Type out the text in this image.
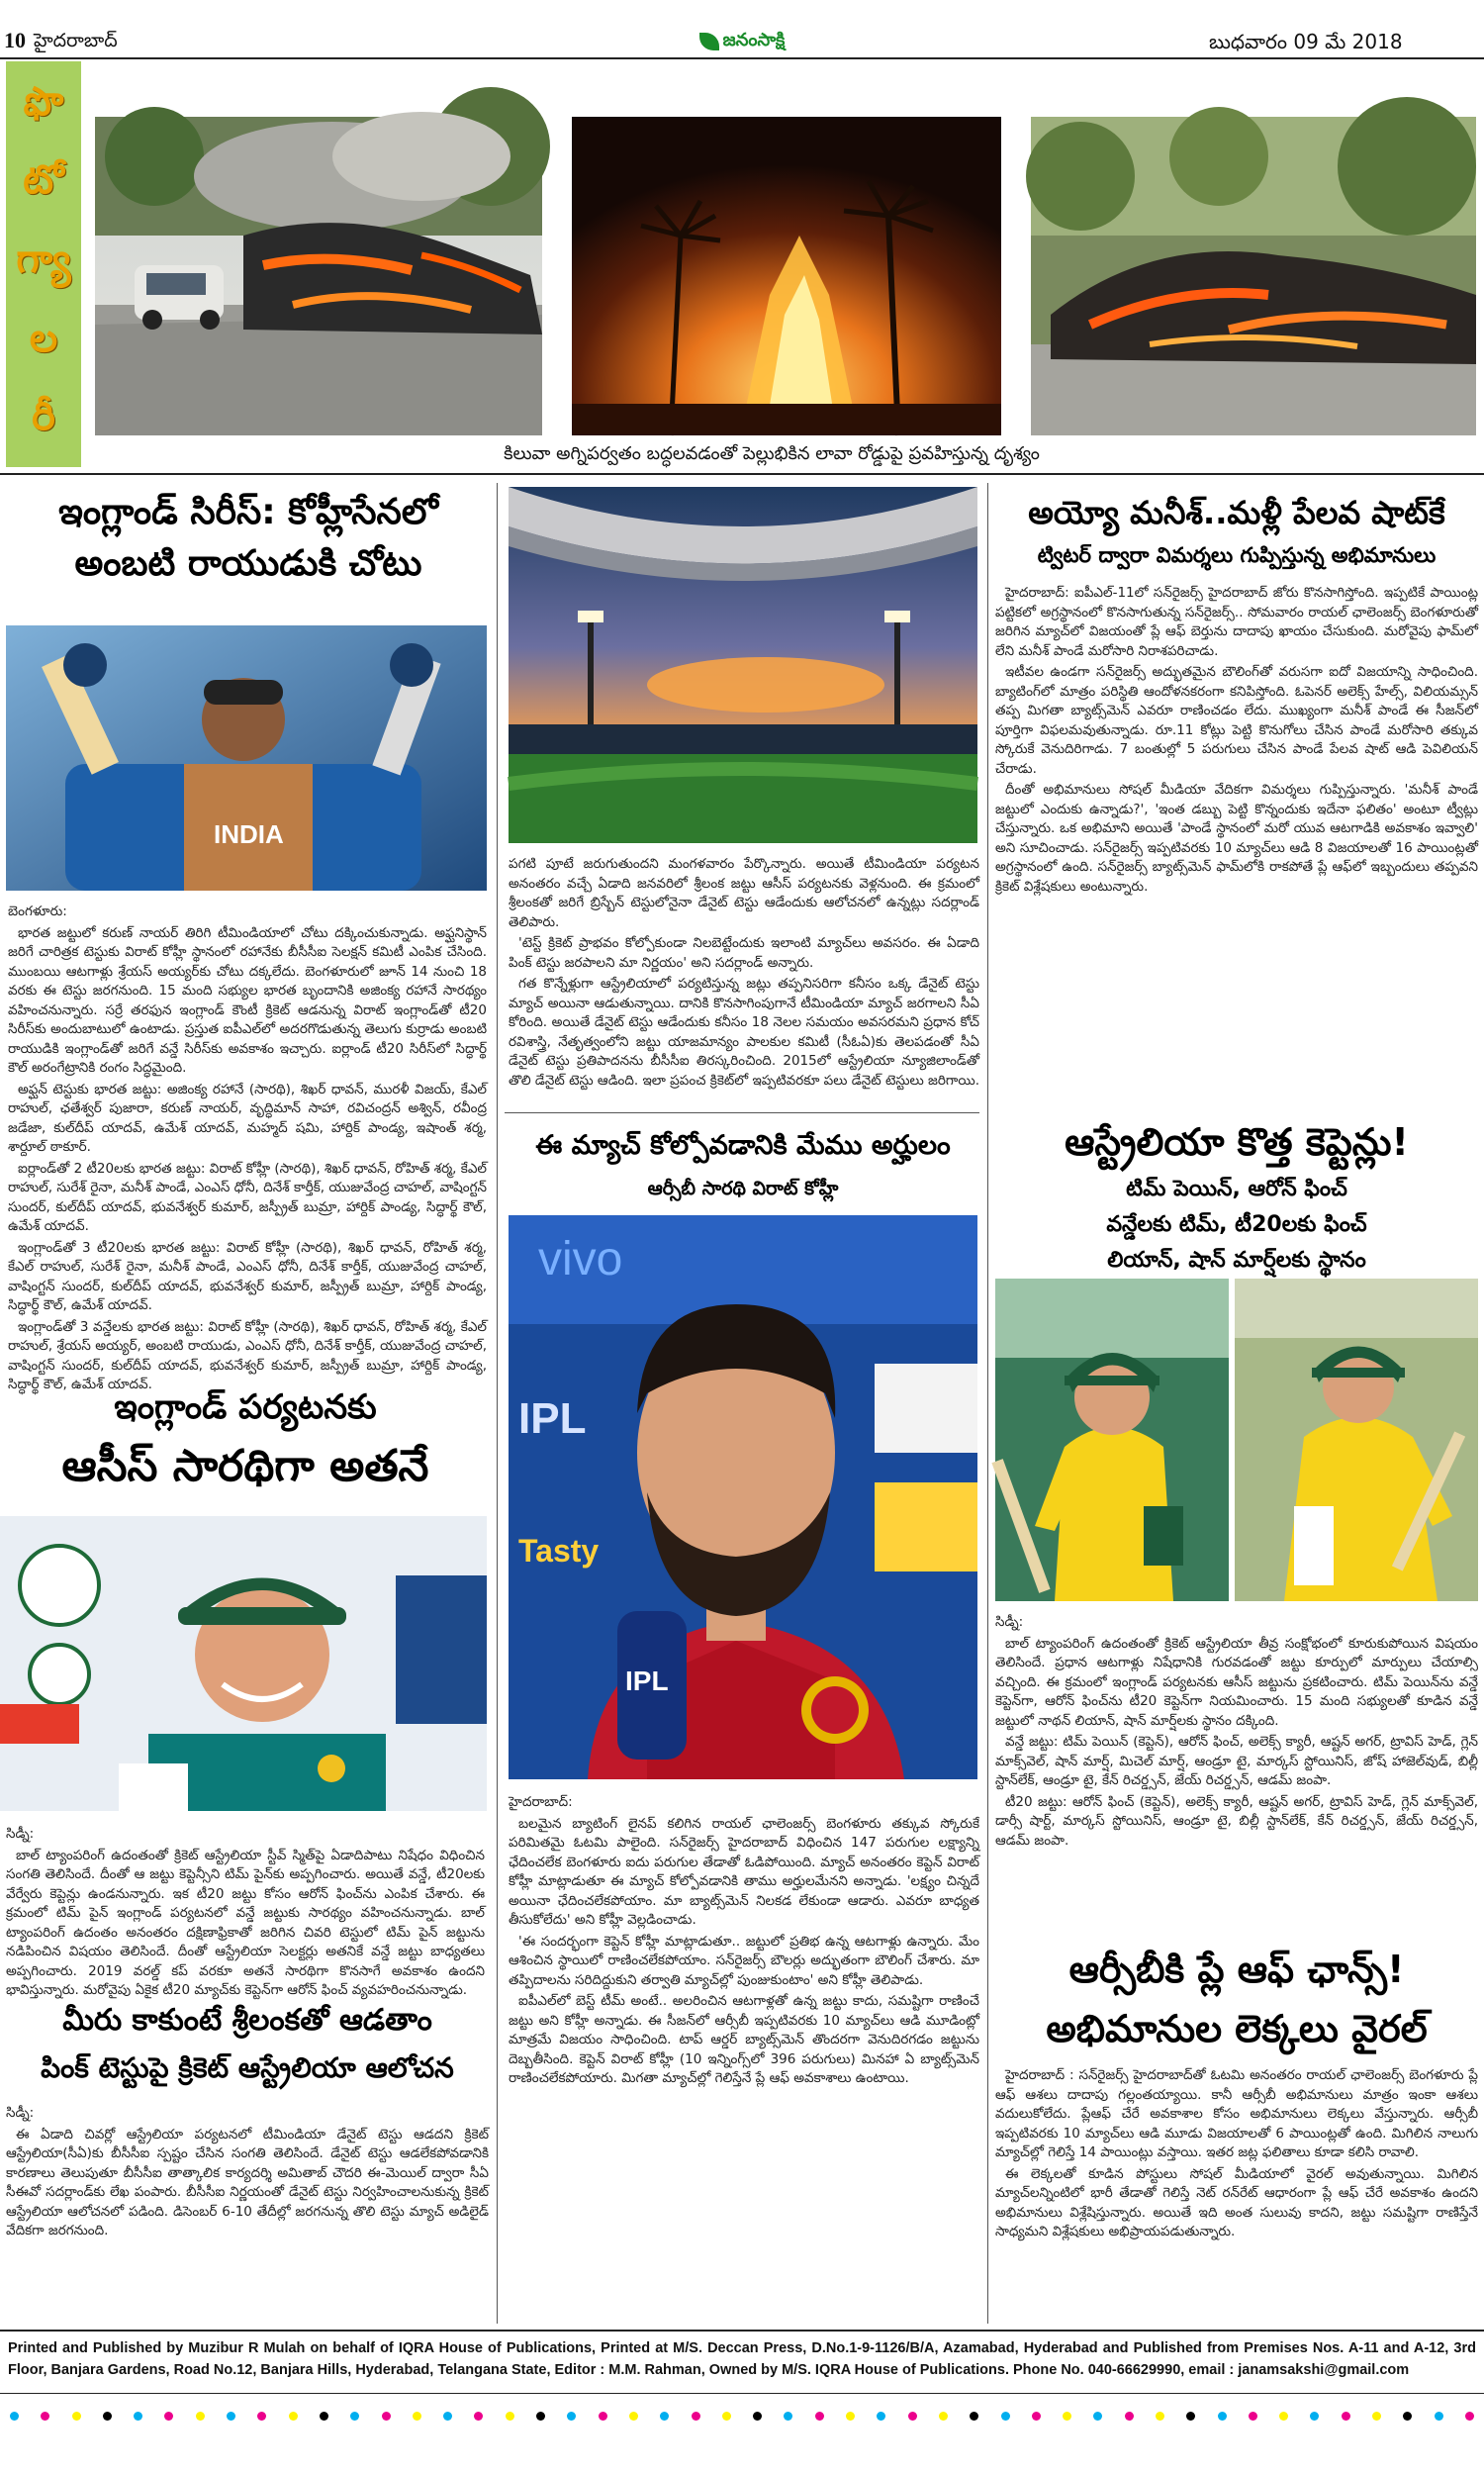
10 హైదరాబాద్	జనంసాక్షి	బుధవారం 09 మే 2018
ఫొ
టో
గ్యా
ల
రీ
కిలువా అగ్నిపర్వతం బద్ధలవడంతో పెల్లుభికిన లావా రోడ్డుపై ప్రవహిస్తున్న దృశ్యం
ఇంగ్లాండ్ సిరీస్: కోహ్లీసేనలో
అంబటి రాయుడుకి చోటు
INDIA

బెంగళూరు:

భారత జట్టులో కరుణ్ నాయర్ తిరిగి టీమిండియాలో చోటు దక్కించుకున్నాడు. అఫ్ఘనిస్థాన్ జరిగే చారిత్రక టెస్టుకు విరాట్ కోహ్లీ స్థానంలో రహానేకు బీసీసీఐ సెలక్షన్ కమిటీ ఎంపిక చేసింది. ముంబయి ఆటగాళ్లు శ్రేయస్ అయ్యర్‌కు చోటు దక్కలేదు. బెంగళూరులో జూన్ 14 నుంచి 18 వరకు ఈ టెస్టు జరగనుంది. 15 మంది సభ్యుల భారత బృందానికి అజింక్య రహానే సారథ్యం వహించనున్నారు. సర్రే తరఫున ఇంగ్లాండ్ కౌంటీ క్రికెట్ ఆడనున్న విరాట్ ఇంగ్లాండ్‌తో టీ20 సిరీస్‌కు అందుబాటులో ఉంటాడు. ప్రస్తుత ఐపీఎల్‌లో అదరగొడుతున్న తెలుగు కుర్రాడు అంబటి రాయుడికి ఇంగ్లాండ్‌తో జరిగే వన్డే సిరీస్‌కు అవకాశం ఇచ్చారు. ఐర్లాండ్ టీ20 సిరీస్‌లో సిద్ధార్థ్ కౌల్ అరంగేట్రానికి రంగం సిద్ధమైంది.

అఫ్ఘన్ టెస్టుకు భారత జట్టు: అజింక్య రహానే (సారథి), శిఖర్ ధావన్, మురళీ విజయ్, కేఎల్ రాహుల్, ఛతేశ్వర్ పుజారా, కరుణ్ నాయర్, వృద్ధిమాన్ సాహా, రవిచంద్రన్ అశ్విన్, రవీంద్ర జడేజా, కుల్‌దీప్ యాదవ్, ఉమేశ్ యాదవ్, మహ్మద్ షమి, హార్దిక్ పాండ్య, ఇషాంత్ శర్మ, శార్దూల్ ఠాకూర్.

ఐర్లాండ్‌తో 2 టీ20లకు భారత జట్టు: విరాట్ కోహ్లీ (సారథి), శిఖర్ ధావన్, రోహిత్ శర్మ, కేఎల్ రాహుల్, సురేశ్ రైనా, మనీశ్ పాండే, ఎంఎస్ ధోనీ, దినేశ్ కార్తీక్, యుజువేంద్ర చాహల్, వాషింగ్టన్ సుందర్, కుల్‌దీప్ యాదవ్, భువనేశ్వర్ కుమార్, జస్ప్రీత్ బుమ్రా, హార్దిక్ పాండ్య, సిద్ధార్థ్ కౌల్, ఉమేశ్ యాదవ్.

ఇంగ్లాండ్‌తో 3 టీ20లకు భారత జట్టు: విరాట్ కోహ్లీ (సారథి), శిఖర్ ధావన్, రోహిత్ శర్మ, కేఎల్ రాహుల్, సురేశ్ రైనా, మనీశ్ పాండే, ఎంఎస్ ధోనీ, దినేశ్ కార్తీక్, యుజువేంద్ర చాహల్, వాషింగ్టన్ సుందర్, కుల్‌దీప్ యాదవ్, భువనేశ్వర్ కుమార్, జస్ప్రీత్ బుమ్రా, హార్దిక్ పాండ్య, సిద్ధార్థ్ కౌల్, ఉమేశ్ యాదవ్.

ఇంగ్లాండ్‌తో 3 వన్డేలకు భారత జట్టు: విరాట్ కోహ్లీ (సారథి), శిఖర్ ధావన్, రోహిత్ శర్మ, కేఎల్ రాహుల్, శ్రేయస్ అయ్యర్, అంబటి రాయుడు, ఎంఎస్ ధోనీ, దినేశ్ కార్తీక్, యుజువేంద్ర చాహల్, వాషింగ్టన్ సుందర్, కుల్‌దీప్ యాదవ్, భువనేశ్వర్ కుమార్, జస్ప్రీత్ బుమ్రా, హార్దిక్ పాండ్య, సిద్ధార్థ్ కౌల్, ఉమేశ్ యాదవ్.

ఇంగ్లాండ్ పర్యటనకు
ఆసీస్ సారథిగా అతనే

సిడ్నీ:

బాల్ ట్యాంపరింగ్ ఉదంతంతో క్రికెట్ ఆస్ట్రేలియా స్టీవ్ స్మిత్‌పై ఏడాదిపాటు నిషేధం విధించిన సంగతి తెలిసిందే. దీంతో ఆ జట్టు కెప్టెన్సీని టిమ్ పైన్‌కు అప్పగించారు. అయితే వన్డే, టీ20లకు వేర్వేరు కెప్టెన్లు ఉండనున్నారు. ఇక టీ20 జట్టు కోసం ఆరోన్ ఫించ్‌ను ఎంపిక చేశారు. ఈ క్రమంలో టిమ్ పైన్ ఇంగ్లాండ్ పర్యటనలో వన్డే జట్టుకు సారథ్యం వహించనున్నాడు. బాల్ ట్యాంపరింగ్ ఉదంతం అనంతరం దక్షిణాఫ్రికాతో జరిగిన చివరి టెస్టులో టిమ్ పైన్ జట్టును నడిపించిన విషయం తెలిసిందే. దీంతో ఆస్ట్రేలియా సెలక్టర్లు అతనికే వన్డే జట్టు బాధ్యతలు అప్పగించారు. 2019 వరల్డ్ కప్ వరకూ అతనే సారథిగా కొనసాగే అవకాశం ఉందని భావిస్తున్నారు. మరోవైపు ఏకైక టీ20 మ్యాచ్‌కు కెప్టెన్‌గా ఆరోన్ ఫించ్ వ్యవహరించనున్నాడు.

మీరు కాకుంటే శ్రీలంకతో ఆడతాం
పింక్ టెస్టుపై క్రికెట్ ఆస్ట్రేలియా ఆలోచన

సిడ్నీ:

ఈ ఏడాది చివర్లో ఆస్ట్రేలియా పర్యటనలో టీమిండియా డేనైట్ టెస్టు ఆడదని క్రికెట్ ఆస్ట్రేలియా(సీఏ)కు బీసీసీఐ స్పష్టం చేసిన సంగతి తెలిసిందే. డేనైట్ టెస్టు ఆడలేకపోవడానికి కారణాలు తెలుపుతూ బీసీసీఐ తాత్కాలిక కార్యదర్శి అమితాబ్ చౌదరి ఈ-మెయిల్ ద్వారా సీఏ సీఈవో సదర్లాండ్‌కు లేఖ పంపారు. బీసీసీఐ నిర్ణయంతో డేనైట్ టెస్టు నిర్వహించాలనుకున్న క్రికెట్ ఆస్ట్రేలియా ఆలోచనలో పడింది. డిసెంబర్ 6-10 తేదీల్లో జరగనున్న తొలి టెస్టు మ్యాచ్ అడిలైడ్ వేదికగా జరగనుంది.

పగటి పూటే జరుగుతుందని మంగళవారం పేర్కొన్నారు. అయితే టీమిండియా పర్యటన అనంతరం వచ్చే ఏడాది జనవరిలో శ్రీలంక జట్టు ఆసీస్ పర్యటనకు వెళ్లనుంది. ఈ క్రమంలో శ్రీలంకతో జరిగే బ్రిస్బేన్ టెస్టులోనైనా డేనైట్ టెస్టు ఆడేందుకు ఆలోచనలో ఉన్నట్లు సదర్లాండ్ తెలిపారు.

'టెస్ట్ క్రికెట్ ప్రాభవం కోల్పోకుండా నిలబెట్టేందుకు ఇలాంటి మ్యాచ్‌లు అవసరం. ఈ ఏడాది పింక్ టెస్టు జరపాలని మా నిర్ణయం' అని సదర్లాండ్ అన్నారు.

గత కొన్నేళ్లుగా ఆస్ట్రేలియాలో పర్యటిస్తున్న జట్లు తప్పనిసరిగా కనీసం ఒక్క డేనైట్ టెస్టు మ్యాచ్ అయినా ఆడుతున్నాయి. దానికి కొనసాగింపుగానే టీమిండియా మ్యాచ్ జరగాలని సీఏ కోరింది. అయితే డేనైట్ టెస్టు ఆడేందుకు కనీసం 18 నెలల సమయం అవసరమని ప్రధాన కోచ్ రవిశాస్త్రి, నేతృత్వంలోని జట్టు యాజమాన్యం పాలకుల కమిటీ (సీఓఏ)కు తెలపడంతో సీఏ డేనైట్ టెస్టు ప్రతిపాదనను బీసీసీఐ తిరస్కరించింది. 2015లో ఆస్ట్రేలియా న్యూజిలాండ్‌తో తొలి డేనైట్ టెస్టు ఆడింది. ఇలా ప్రపంచ క్రికెట్‌లో ఇప్పటివరకూ పలు డేనైట్ టెస్టులు జరిగాయి.

ఈ మ్యాచ్ కోల్పోవడానికి మేము అర్హులం
ఆర్సీబీ సారథి విరాట్ కోహ్లీ
vivo
IPL
Tasty
IPL

హైదరాబాద్:

బలమైన బ్యాటింగ్ లైనప్ కలిగిన రాయల్ ఛాలెంజర్స్ బెంగళూరు తక్కువ స్కోరుకే పరిమితమై ఓటమి పాలైంది. సన్‌రైజర్స్ హైదరాబాద్ విధించిన 147 పరుగుల లక్ష్యాన్ని ఛేదించలేక బెంగళూరు ఐదు పరుగుల తేడాతో ఓడిపోయింది. మ్యాచ్ అనంతరం కెప్టెన్ విరాట్ కోహ్లీ మాట్లాడుతూ ఈ మ్యాచ్ కోల్పోవడానికి తాము అర్హులమేనని అన్నాడు. 'లక్ష్యం చిన్నదే అయినా ఛేదించలేకపోయాం. మా బ్యాట్స్‌మెన్ నిలకడ లేకుండా ఆడారు. ఎవరూ బాధ్యత తీసుకోలేదు' అని కోహ్లీ వెల్లడించాడు.

'ఈ సందర్భంగా కెప్టెన్ కోహ్లీ మాట్లాడుతూ.. జట్టులో ప్రతిభ ఉన్న ఆటగాళ్లు ఉన్నారు. మేం ఆశించిన స్థాయిలో రాణించలేకపోయాం. సన్‌రైజర్స్ బౌలర్లు అద్భుతంగా బౌలింగ్ చేశారు. మా తప్పిదాలను సరిదిద్దుకుని తర్వాతి మ్యాచ్‌ల్లో పుంజుకుంటాం' అని కోహ్లీ తెలిపాడు.

ఐపీఎల్‌లో బెస్ట్ టీమ్ అంటే.. అలరించిన ఆటగాళ్లతో ఉన్న జట్టు కాదు, సమష్టిగా రాణించే జట్టు అని కోహ్లీ అన్నాడు. ఈ సీజన్‌లో ఆర్సీబీ ఇప్పటివరకు 10 మ్యాచ్‌లు ఆడి మూడింట్లో మాత్రమే విజయం సాధించింది. టాప్ ఆర్డర్ బ్యాట్స్‌మెన్ తొందరగా వెనుదిరగడం జట్టును దెబ్బతీసింది. కెప్టెన్ విరాట్ కోహ్లీ (10 ఇన్నింగ్స్‌లో 396 పరుగులు) మినహా ఏ బ్యాట్స్‌మెన్ రాణించలేకపోయారు. మిగతా మ్యాచ్‌ల్లో గెలిస్తేనే ప్లే ఆఫ్ అవకాశాలు ఉంటాయి.

అయ్యో మనీశ్..మళ్లీ పేలవ షాట్‌కే
ట్విటర్ ద్వారా విమర్శలు గుప్పిస్తున్న అభిమానులు

హైదరాబాద్: ఐపీఎల్-11లో సన్‌రైజర్స్ హైదరాబాద్ జోరు కొనసాగిస్తోంది. ఇప్పటికే పాయింట్ల పట్టికలో అగ్రస్థానంలో కొనసాగుతున్న సన్‌రైజర్స్.. సోమవారం రాయల్ ఛాలెంజర్స్ బెంగళూరుతో జరిగిన మ్యాచ్‌లో విజయంతో ప్లే ఆఫ్ బెర్తును దాదాపు ఖాయం చేసుకుంది. మరోవైపు ఫామ్‌లో లేని మనీశ్ పాండే మరోసారి నిరాశపరిచాడు.

ఇటీవల ఉండగా సన్‌రైజర్స్ అద్భుతమైన బౌలింగ్‌తో వరుసగా ఐదో విజయాన్ని సాధించింది. బ్యాటింగ్‌లో మాత్రం పరిస్థితి ఆందోళనకరంగా కనిపిస్తోంది. ఓపెనర్ అలెక్స్ హేల్స్, విలియమ్సన్ తప్ప మిగతా బ్యాట్స్‌మెన్ ఎవరూ రాణించడం లేదు. ముఖ్యంగా మనీశ్ పాండే ఈ సీజన్‌లో పూర్తిగా విఫలమవుతున్నాడు. రూ.11 కోట్లు పెట్టి కొనుగోలు చేసిన పాండే మరోసారి తక్కువ స్కోరుకే వెనుదిరిగాడు. 7 బంతుల్లో 5 పరుగులు చేసిన పాండే పేలవ షాట్ ఆడి పెవిలియన్ చేరాడు.

దీంతో అభిమానులు సోషల్ మీడియా వేదికగా విమర్శలు గుప్పిస్తున్నారు. 'మనీశ్ పాండే జట్టులో ఎందుకు ఉన్నాడు?', 'ఇంత డబ్బు పెట్టి కొన్నందుకు ఇదేనా ఫలితం' అంటూ ట్వీట్లు చేస్తున్నారు. ఒక అభిమాని అయితే 'పాండే స్థానంలో మరో యువ ఆటగాడికి అవకాశం ఇవ్వాలి' అని సూచించాడు. సన్‌రైజర్స్ ఇప్పటివరకు 10 మ్యాచ్‌లు ఆడి 8 విజయాలతో 16 పాయింట్లతో అగ్రస్థానంలో ఉంది. సన్‌రైజర్స్ బ్యాట్స్‌మెన్ ఫామ్‌లోకి రాకపోతే ప్లే ఆఫ్‌లో ఇబ్బందులు తప్పవని క్రికెట్ విశ్లేషకులు అంటున్నారు.

ఆస్ట్రేలియా కొత్త కెప్టెన్లు!
టిమ్ పెయిన్, ఆరోన్ ఫించ్
వన్డేలకు టిమ్, టీ20లకు ఫించ్
లియాన్, షాన్ మార్ష్‌లకు స్థానం

సిడ్నీ:

బాల్ ట్యాంపరింగ్ ఉదంతంతో క్రికెట్ ఆస్ట్రేలియా తీవ్ర సంక్షోభంలో కూరుకుపోయిన విషయం తెలిసిందే. ప్రధాన ఆటగాళ్లు నిషేధానికి గురవడంతో జట్టు కూర్పులో మార్పులు చేయాల్సి వచ్చింది. ఈ క్రమంలో ఇంగ్లాండ్ పర్యటనకు ఆసీస్ జట్టును ప్రకటించారు. టిమ్ పెయిన్‌ను వన్డే కెప్టెన్‌గా, ఆరోన్ ఫించ్‌ను టీ20 కెప్టెన్‌గా నియమించారు. 15 మంది సభ్యులతో కూడిన వన్డే జట్టులో నాథన్ లియాన్, షాన్ మార్ష్‌లకు స్థానం దక్కింది.

వన్డే జట్టు: టిమ్ పెయిన్ (కెప్టెన్), ఆరోన్ ఫించ్, అలెక్స్ క్యారీ, ఆష్టన్ అగర్, ట్రావిస్ హెడ్, గ్లెన్ మాక్స్‌వెల్, షాన్ మార్ష్, మిచెల్ మార్ష్, ఆండ్రూ టై, మార్కస్ స్టోయినిస్, జోష్ హాజెల్‌వుడ్, బిల్లీ స్టాన్‌లేక్, ఆండ్రూ టై, కేన్ రిచర్డ్సన్, జేయ్ రిచర్డ్సన్, ఆడమ్ జంపా.

టీ20 జట్టు: ఆరోన్ ఫించ్ (కెప్టెన్), అలెక్స్ క్యారీ, ఆష్టన్ అగర్, ట్రావిస్ హెడ్, గ్లెన్ మాక్స్‌వెల్, డార్సీ షార్ట్, మార్కస్ స్టోయినిస్, ఆండ్రూ టై, బిల్లీ స్టాన్‌లేక్, కేన్ రిచర్డ్సన్, జేయ్ రిచర్డ్సన్, ఆడమ్ జంపా.

ఆర్సీబీకి ప్లే ఆఫ్ ఛాన్స్!
అభిమానుల లెక్కలు వైరల్

హైదరాబాద్ : సన్‌రైజర్స్ హైదరాబాద్‌తో ఓటమి అనంతరం రాయల్ ఛాలెంజర్స్ బెంగళూరు ప్లే ఆఫ్ ఆశలు దాదాపు గల్లంతయ్యాయి. కానీ ఆర్సీబీ అభిమానులు మాత్రం ఇంకా ఆశలు వదులుకోలేదు. ప్లేఆఫ్ చేరే అవకాశాల కోసం అభిమానులు లెక్కలు వేస్తున్నారు. ఆర్సీబీ ఇప్పటివరకు 10 మ్యాచ్‌లు ఆడి మూడు విజయాలతో 6 పాయింట్లతో ఉంది. మిగిలిన నాలుగు మ్యాచ్‌ల్లో గెలిస్తే 14 పాయింట్లు వస్తాయి. ఇతర జట్ల ఫలితాలు కూడా కలిసి రావాలి.

ఈ లెక్కలతో కూడిన పోస్టులు సోషల్ మీడియాలో వైరల్ అవుతున్నాయి. మిగిలిన మ్యాచ్‌లన్నింటిలో భారీ తేడాతో గెలిస్తే నెట్ రన్‌రేట్ ఆధారంగా ప్లే ఆఫ్ చేరే అవకాశం ఉందని అభిమానులు విశ్లేషిస్తున్నారు. అయితే ఇది అంత సులువు కాదని, జట్టు సమష్టిగా రాణిస్తేనే సాధ్యమని విశ్లేషకులు అభిప్రాయపడుతున్నారు.

Printed and Published by Muzibur R Mulah on behalf of IQRA House of Publications, Printed at M/S. Deccan Press, D.No.1-9-1126/B/A, Azamabad, Hyderabad and Published from Premises Nos. A-11 and A-12, 3rd Floor, Banjara Gardens, Road No.12, Banjara Hills, Hyderabad, Telangana State, Editor : M.M. Rahman, Owned by M/S. IQRA House of Publications. Phone No. 040-66629990, email : janamsakshi@gmail.com
